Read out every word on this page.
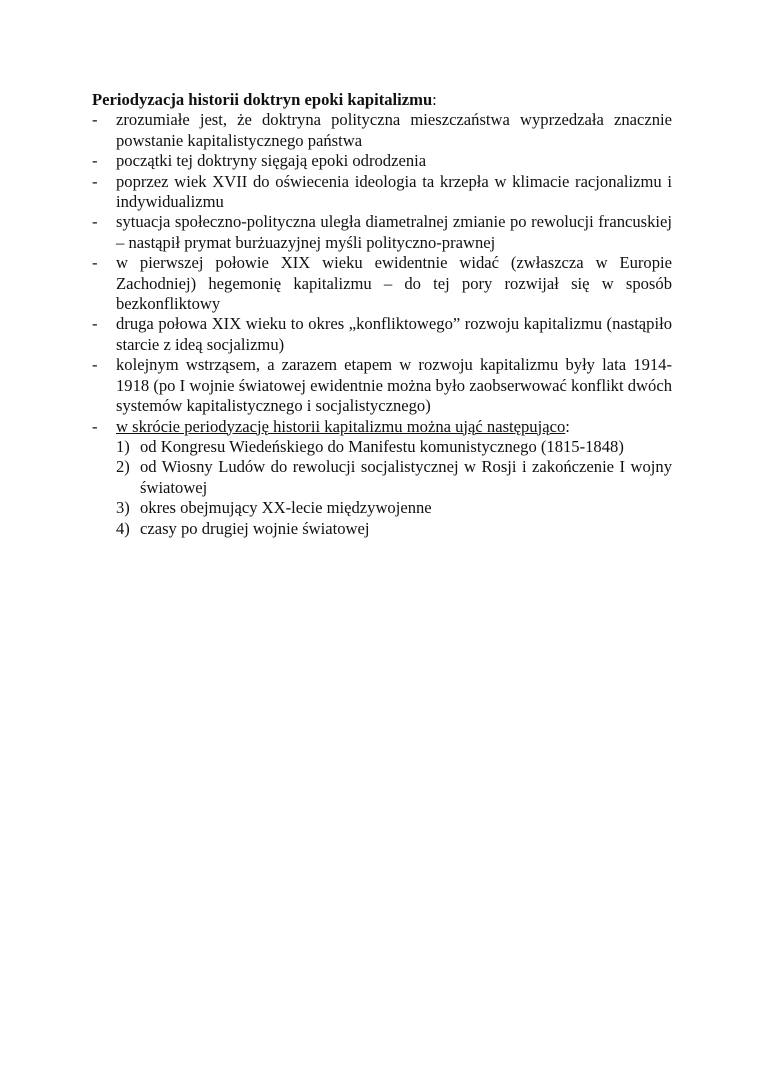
Periodyzacja historii doktryn epoki kapitalizmu:

- zrozumiałe jest, że doktryna polityczna mieszczaństwa wyprzedzała znacznie powstanie kapitalistycznego państwa
- początki tej doktryny sięgają epoki odrodzenia
- poprzez wiek XVII do oświecenia ideologia ta krzepła w klimacie racjonalizmu i indywidualizmu
- sytuacja społeczno-polityczna uległa diametralnej zmianie po rewolucji francuskiej – nastąpił prymat burżuazyjnej myśli polityczno-prawnej
- w pierwszej połowie XIX wieku ewidentnie widać (zwłaszcza w Europie Zachodniej) hegemonię kapitalizmu – do tej pory rozwijał się w sposób bezkonfliktowy
- druga połowa XIX wieku to okres „konfliktowego” rozwoju kapitalizmu (nastąpiło starcie z ideą socjalizmu)
- kolejnym wstrząsem, a zarazem etapem w rozwoju kapitalizmu były lata 1914-1918 (po I wojnie światowej ewidentnie można było zaobserwować konflikt dwóch systemów kapitalistycznego i socjalistycznego)
- w skrócie periodyzację historii kapitalizmu można ująć następująco:
1) od Kongresu Wiedeńskiego do Manifestu komunistycznego (1815-1848)
2) od Wiosny Ludów do rewolucji socjalistycznej w Rosji i zakończenie I wojny światowej
3) okres obejmujący XX-lecie międzywojenne
4) czasy po drugiej wojnie światowej
